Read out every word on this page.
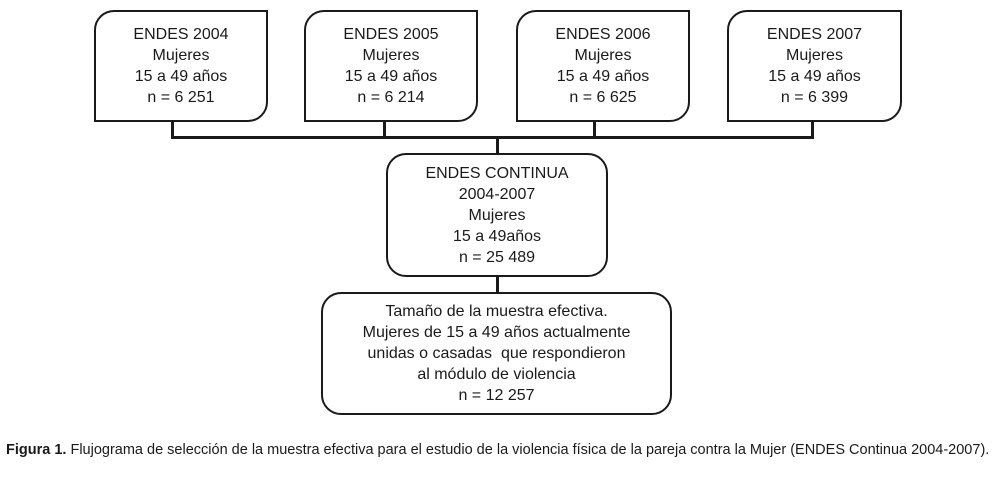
ENDES 2004
Mujeres
15 a 49 años
n = 6 251
ENDES 2005
Mujeres
15 a 49 años
n = 6 214
ENDES 2006
Mujeres
15 a 49 años
n = 6 625
ENDES 2007
Mujeres
15 a 49 años
n = 6 399
ENDES CONTINUA
2004-2007
Mujeres
15 a 49años
n = 25 489
Tamaño de la muestra efectiva.
Mujeres de 15 a 49 años actualmente
unidas o casadas  que respondieron
al módulo de violencia
n = 12 257
Figura 1. Flujograma de selección de la muestra efectiva para el estudio de la violencia física de la pareja contra la Mujer (ENDES Continua 2004-2007).
